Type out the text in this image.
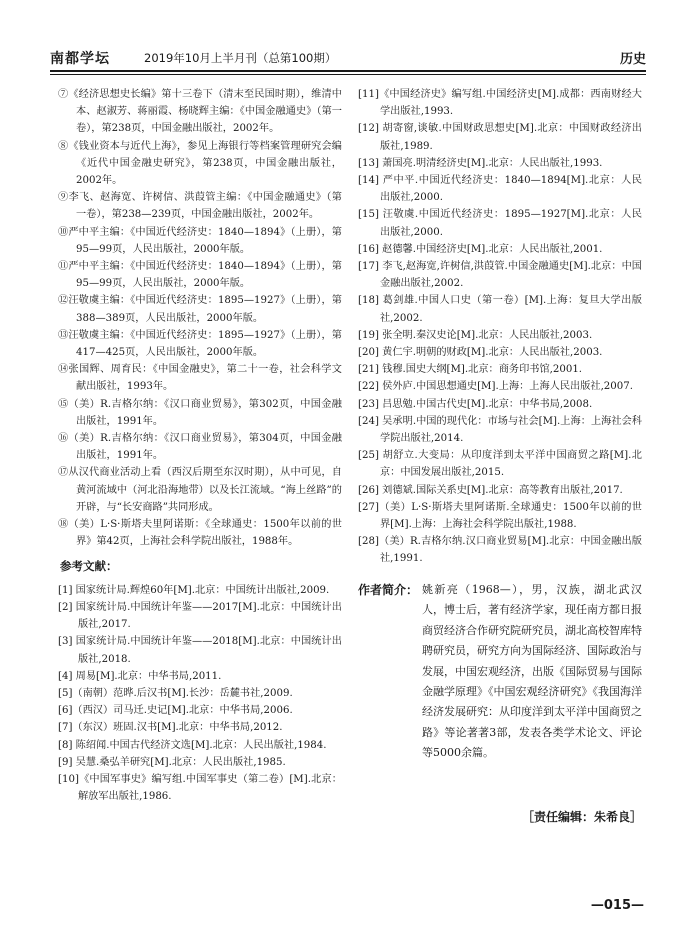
南都学坛	2019年10月上半月刊（总第100期）	历史

⑦《经济思想史长编》第十三卷下（清末至民国时期），维清中本、赵淑芳、蒋丽霞、杨晓辉主编：《中国金融通史》（第一卷），第238页，中国金融出版社，2002年。

⑧《钱业资本与近代上海》，参见上海银行等档案管理研究会编《近代中国金融史研究》，第238页，中国金融出版社，2002年。

⑨李飞、赵海宽、许树信、洪葭管主编：《中国金融通史》（第一卷），第238—239页，中国金融出版社，2002年。

⑩严中平主编：《中国近代经济史：1840—1894》（上册），第95—99页，人民出版社，2000年版。

⑪严中平主编：《中国近代经济史：1840—1894》（上册），第95—99页，人民出版社，2000年版。

⑫汪敬虞主编：《中国近代经济史：1895—1927》（上册），第388—389页，人民出版社，2000年版。

⑬汪敬虞主编：《中国近代经济史：1895—1927》（上册），第417—425页，人民出版社，2000年版。

⑭张国辉、周育民：《中国金融史》，第二十一卷，社会科学文献出版社，1993年。

⑮（美）R.吉格尔纳：《汉口商业贸易》，第302页，中国金融出版社，1991年。

⑯（美）R.吉格尔纳：《汉口商业贸易》，第304页，中国金融出版社，1991年。

⑰从汉代商业活动上看（西汉后期至东汉时期），从中可见，自黄河流域中（河北沿海地带）以及长江流域。“海上丝路”的开辟，与“长安商路”共同形成。

⑱（美）L·S·斯塔夫里阿诺斯：《全球通史：1500年以前的世界》第42页，上海社会科学院出版社，1988年。

参考文献：

[1] 国家统计局.辉煌60年[M].北京：中国统计出版社,2009.

[2] 国家统计局.中国统计年鉴——2017[M].北京：中国统计出版社,2017.

[3] 国家统计局.中国统计年鉴——2018[M].北京：中国统计出版社,2018.

[4] 周易[M].北京：中华书局,2011.

[5]（南朝）范晔.后汉书[M].长沙：岳麓书社,2009.

[6]（西汉）司马迁.史记[M].北京：中华书局,2006.

[7]（东汉）班固.汉书[M].北京：中华书局,2012.

[8] 陈绍闻.中国古代经济文选[M].北京：人民出版社,1984.

[9] 吴慧.桑弘羊研究[M].北京：人民出版社,1985.

[10]《中国军事史》编写组.中国军事史（第二卷）[M].北京：解放军出版社,1986.

[11]《中国经济史》编写组.中国经济史[M].成都：西南财经大学出版社,1993.

[12] 胡寄窗,谈敏.中国财政思想史[M].北京：中国财政经济出版社,1989.

[13] 萧国亮.明清经济史[M].北京：人民出版社,1993.

[14] 严中平.中国近代经济史：1840—1894[M].北京：人民出版社,2000.

[15] 汪敬虞.中国近代经济史：1895—1927[M].北京：人民出版社,2000.

[16] 赵德馨.中国经济史[M].北京：人民出版社,2001.

[17] 李飞,赵海宽,许树信,洪葭管.中国金融通史[M].北京：中国金融出版社,2002.

[18] 葛剑雄.中国人口史（第一卷）[M].上海：复旦大学出版社,2002.

[19] 张全明.秦汉史论[M].北京：人民出版社,2003.

[20] 黄仁宇.明朝的财政[M].北京：人民出版社,2003.

[21] 钱穆.国史大纲[M].北京：商务印书馆,2001.

[22] 侯外庐.中国思想通史[M].上海：上海人民出版社,2007.

[23] 吕思勉.中国古代史[M].北京：中华书局,2008.

[24] 吴承明.中国的现代化：市场与社会[M].上海：上海社会科学院出版社,2014.

[25] 胡舒立.大变局：从印度洋到太平洋中国商贸之路[M].北京：中国发展出版社,2015.

[26] 刘德斌.国际关系史[M].北京：高等教育出版社,2017.

[27]（美）L·S·斯塔夫里阿诺斯.全球通史：1500年以前的世界[M].上海：上海社会科学院出版社,1988.

[28]（美）R.吉格尔纳.汉口商业贸易[M].北京：中国金融出版社,1991.

作者简介： 姚新亮（1968—），男，汉族，湖北武汉人，博士后，著有经济学家，现任南方都日报商贸经济合作研究院研究员，湖北高校智库特聘研究员，研究方向为国际经济、国际政治与发展，中国宏观经济，出版《国际贸易与国际金融学原理》《中国宏观经济研究》《我国海洋经济发展研究：从印度洋到太平洋中国商贸之路》等论著著3部，发表各类学术论文、评论等5000余篇。
［责任编辑：朱希良］
—015—
